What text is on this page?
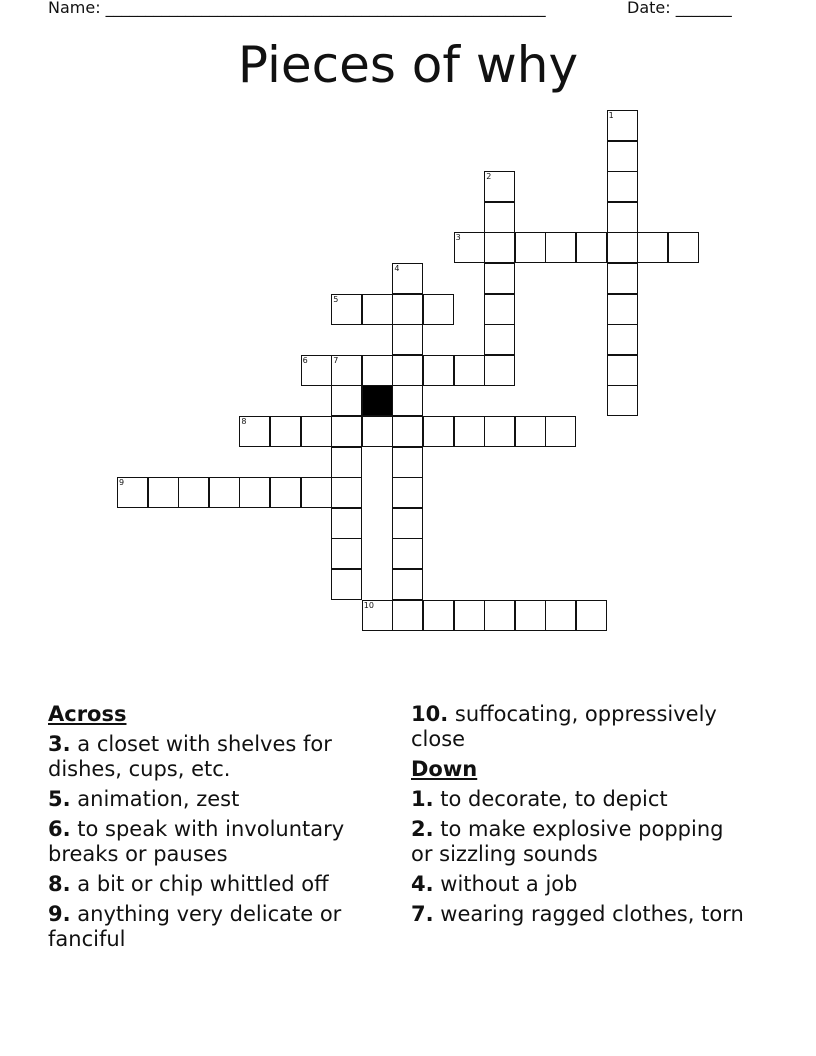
Name: _______________________________________________________	Date: _______
Pieces of why
1
2
3
4
5
6	7
8
9
10
Across
3. a closet with shelves for dishes, cups, etc.
5. animation, zest
6. to speak with involuntary breaks or pauses
8. a bit or chip whittled off
9. anything very delicate or fanciful
10. suffocating, oppressively close
Down
1. to decorate, to depict
2. to make explosive popping or sizzling sounds
4. without a job
7. wearing ragged clothes, torn
